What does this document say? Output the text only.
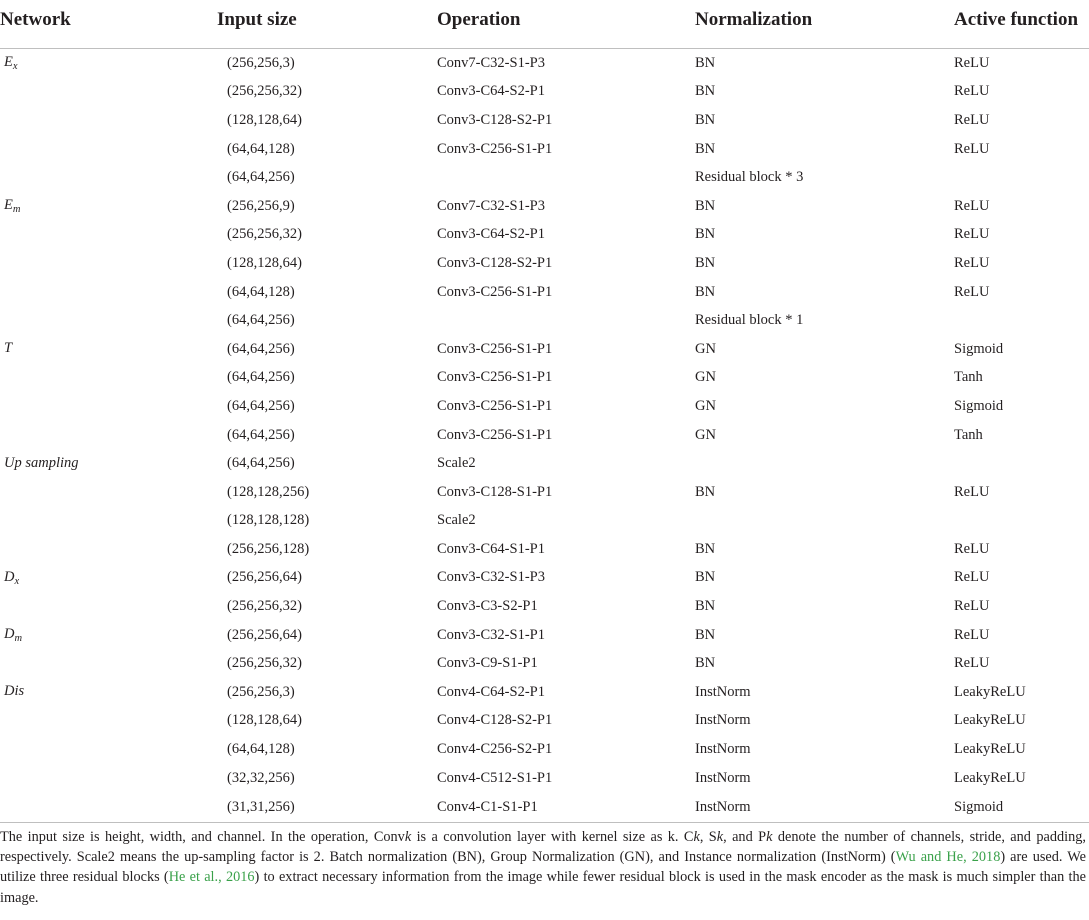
Network	Input size	Operation	Normalization	Active function
$E_x$	(256,256,3)	Conv7-C32-S1-P3	BN	ReLU
	(256,256,32)	Conv3-C64-S2-P1	BN	ReLU
	(128,128,64)	Conv3-C128-S2-P1	BN	ReLU
	(64,64,128)	Conv3-C256-S1-P1	BN	ReLU
	(64,64,256)		Residual block * 3	
$E_m$	(256,256,9)	Conv7-C32-S1-P3	BN	ReLU
	(256,256,32)	Conv3-C64-S2-P1	BN	ReLU
	(128,128,64)	Conv3-C128-S2-P1	BN	ReLU
	(64,64,128)	Conv3-C256-S1-P1	BN	ReLU
	(64,64,256)		Residual block * 1	
T	(64,64,256)	Conv3-C256-S1-P1	GN	Sigmoid
	(64,64,256)	Conv3-C256-S1-P1	GN	Tanh
	(64,64,256)	Conv3-C256-S1-P1	GN	Sigmoid
	(64,64,256)	Conv3-C256-S1-P1	GN	Tanh
Up sampling	(64,64,256)	Scale2		
	(128,128,256)	Conv3-C128-S1-P1	BN	ReLU
	(128,128,128)	Scale2		
	(256,256,128)	Conv3-C64-S1-P1	BN	ReLU
$D_x$	(256,256,64)	Conv3-C32-S1-P3	BN	ReLU
	(256,256,32)	Conv3-C3-S2-P1	BN	ReLU
$D_m$	(256,256,64)	Conv3-C32-S1-P1	BN	ReLU
	(256,256,32)	Conv3-C9-S1-P1	BN	ReLU
Dis	(256,256,3)	Conv4-C64-S2-P1	InstNorm	LeakyReLU
	(128,128,64)	Conv4-C128-S2-P1	InstNorm	LeakyReLU
	(64,64,128)	Conv4-C256-S2-P1	InstNorm	LeakyReLU
	(32,32,256)	Conv4-C512-S1-P1	InstNorm	LeakyReLU
	(31,31,256)	Conv4-C1-S1-P1	InstNorm	Sigmoid
The input size is height, width, and channel. In the operation, Convk is a convolution layer with kernel size as k. Ck, Sk, and Pk denote the number of channels, stride, and padding, respectively. Scale2 means the up-sampling factor is 2. Batch normalization (BN), Group Normalization (GN), and Instance normalization (InstNorm) (Wu and He, 2018) are used. We utilize three residual blocks (He et al., 2016) to extract necessary information from the image while fewer residual block is used in the mask encoder as the mask is much simpler than the image.
